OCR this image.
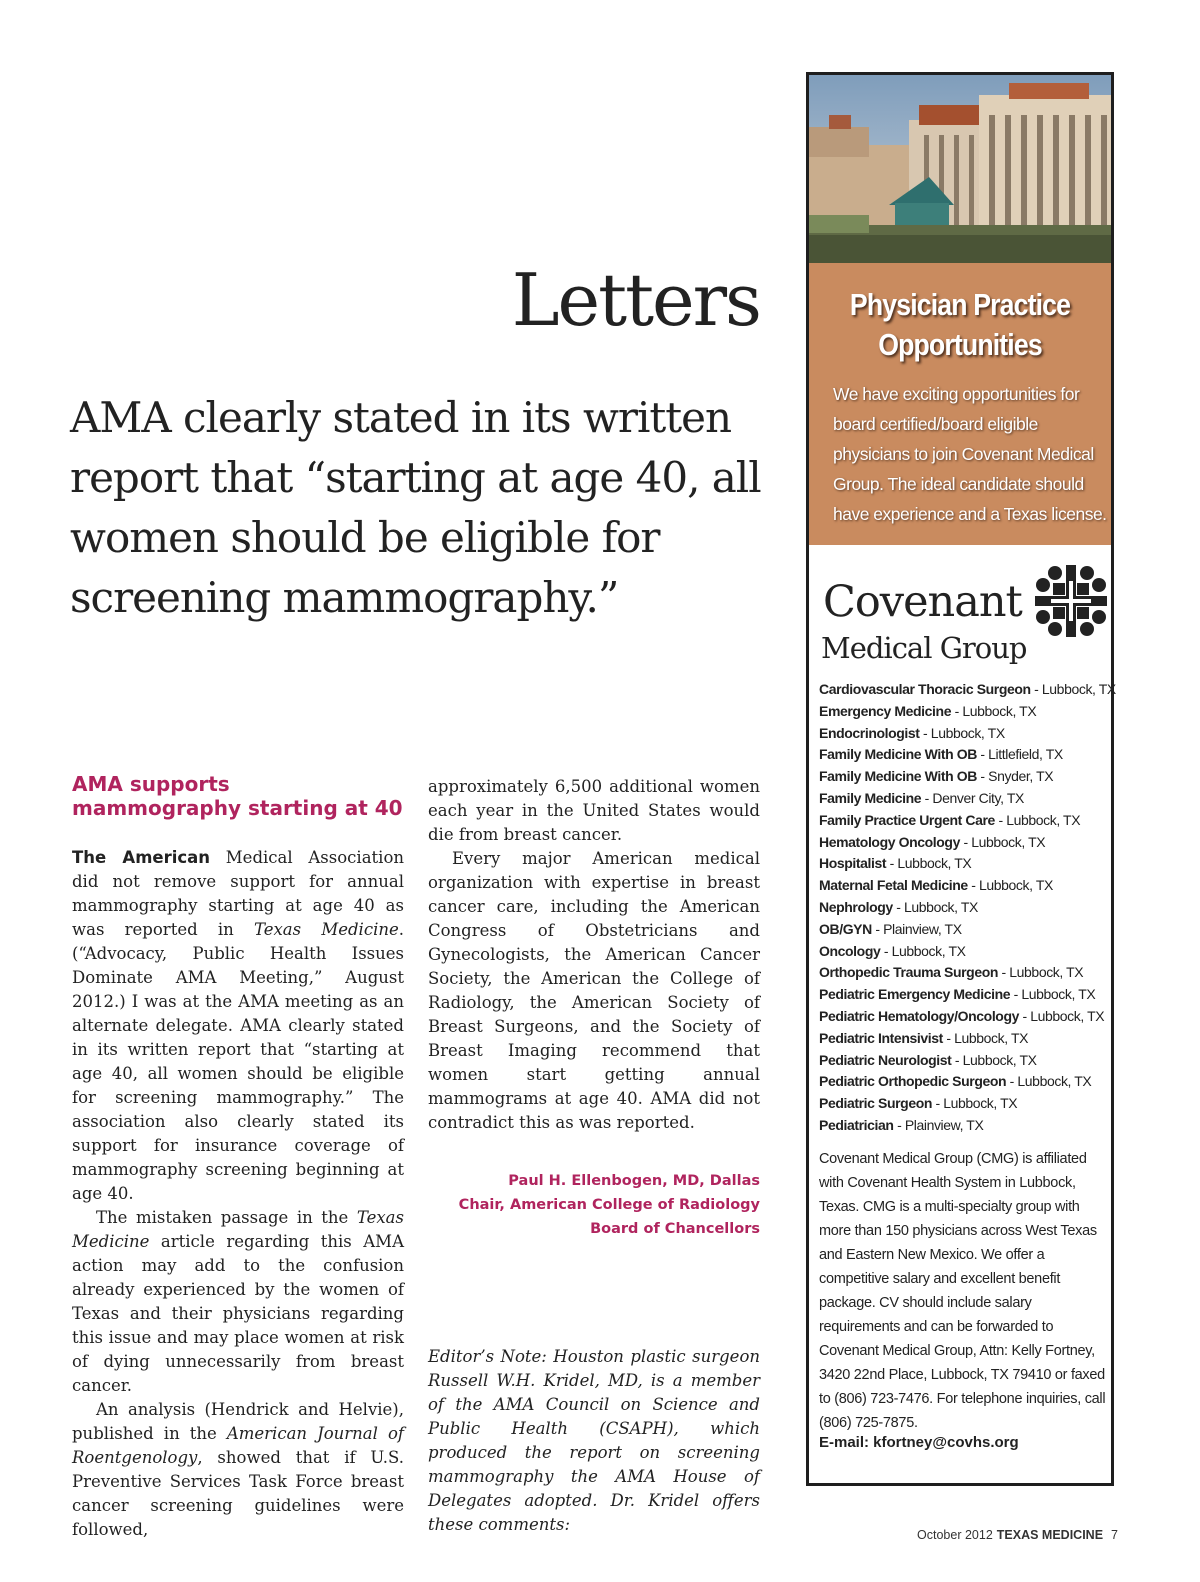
Letters

AMA clearly stated in its written report that “starting at age 40, all women should be eligible for screening mammography.”

AMA supports mammography starting at 40

The American Medical Association did not remove support for annual mammography starting at age 40 as was reported in Texas Medicine. (“Advocacy, Public Health Issues Dominate AMA Meeting,” August 2012.) I was at the AMA meeting as an alternate delegate. AMA clearly stated in its written report that “starting at age 40, all women should be eligible for screening mammography.” The association also clearly stated its support for insurance coverage of mammography screening beginning at age 40.

The mistaken passage in the Texas Medicine article regarding this AMA action may add to the confusion already experienced by the women of Texas and their physicians regarding this issue and may place women at risk of dying unnecessarily from breast cancer.

An analysis (Hendrick and Helvie), published in the American Journal of Roentgenology, showed that if U.S. Preventive Services Task Force breast cancer screening guidelines were followed,

approximately 6,500 additional women each year in the United States would die from breast cancer.

Every major American medical organization with expertise in breast cancer care, including the American Congress of Obstetricians and Gynecologists, the American Cancer Society, the American the College of Radiology, the American Society of Breast Surgeons, and the Society of Breast Imaging recommend that women start getting annual mammograms at age 40. AMA did not contradict this as was reported.

Paul H. Ellenbogen, MD, Dallas
Chair, American College of Radiology
Board of Chancellors

Editor’s Note: Houston plastic surgeon Russell W.H. Kridel, MD, is a member of the AMA Council on Science and Public Health (CSAPH), which produced the report on screening mammography the AMA House of Delegates adopted. Dr. Kridel offers these comments:

Physician Practice
Opportunities

We have exciting opportunities for board certified/board eligible physicians to join Covenant Medical Group. The ideal candidate should have experience and a Texas license.

Covenant
Medical Group
Cardiovascular Thoracic Surgeon - Lubbock, TX
Emergency Medicine - Lubbock, TX
Endocrinologist - Lubbock, TX
Family Medicine With OB - Littlefield, TX
Family Medicine With OB - Snyder, TX
Family Medicine - Denver City, TX
Family Practice Urgent Care - Lubbock, TX
Hematology Oncology - Lubbock, TX
Hospitalist - Lubbock, TX
Maternal Fetal Medicine - Lubbock, TX
Nephrology - Lubbock, TX
OB/GYN - Plainview, TX
Oncology - Lubbock, TX
Orthopedic Trauma Surgeon - Lubbock, TX
Pediatric Emergency Medicine - Lubbock, TX
Pediatric Hematology/Oncology - Lubbock, TX
Pediatric Intensivist - Lubbock, TX
Pediatric Neurologist - Lubbock, TX
Pediatric Orthopedic Surgeon - Lubbock, TX
Pediatric Surgeon - Lubbock, TX
Pediatrician - Plainview, TX

Covenant Medical Group (CMG) is affiliated with Covenant Health System in Lubbock, Texas. CMG is a multi-specialty group with more than 150 physicians across West Texas and Eastern New Mexico. We offer a competitive salary and excellent benefit package. CV should include salary requirements and can be forwarded to Covenant Medical Group, Attn: Kelly Fortney, 3420 22nd Place, Lubbock, TX 79410 or faxed to (806) 723-7476. For telephone inquiries, call (806) 725-7875.

E-mail: kfortney@covhs.org

October 2012 TEXAS MEDICINE 7
